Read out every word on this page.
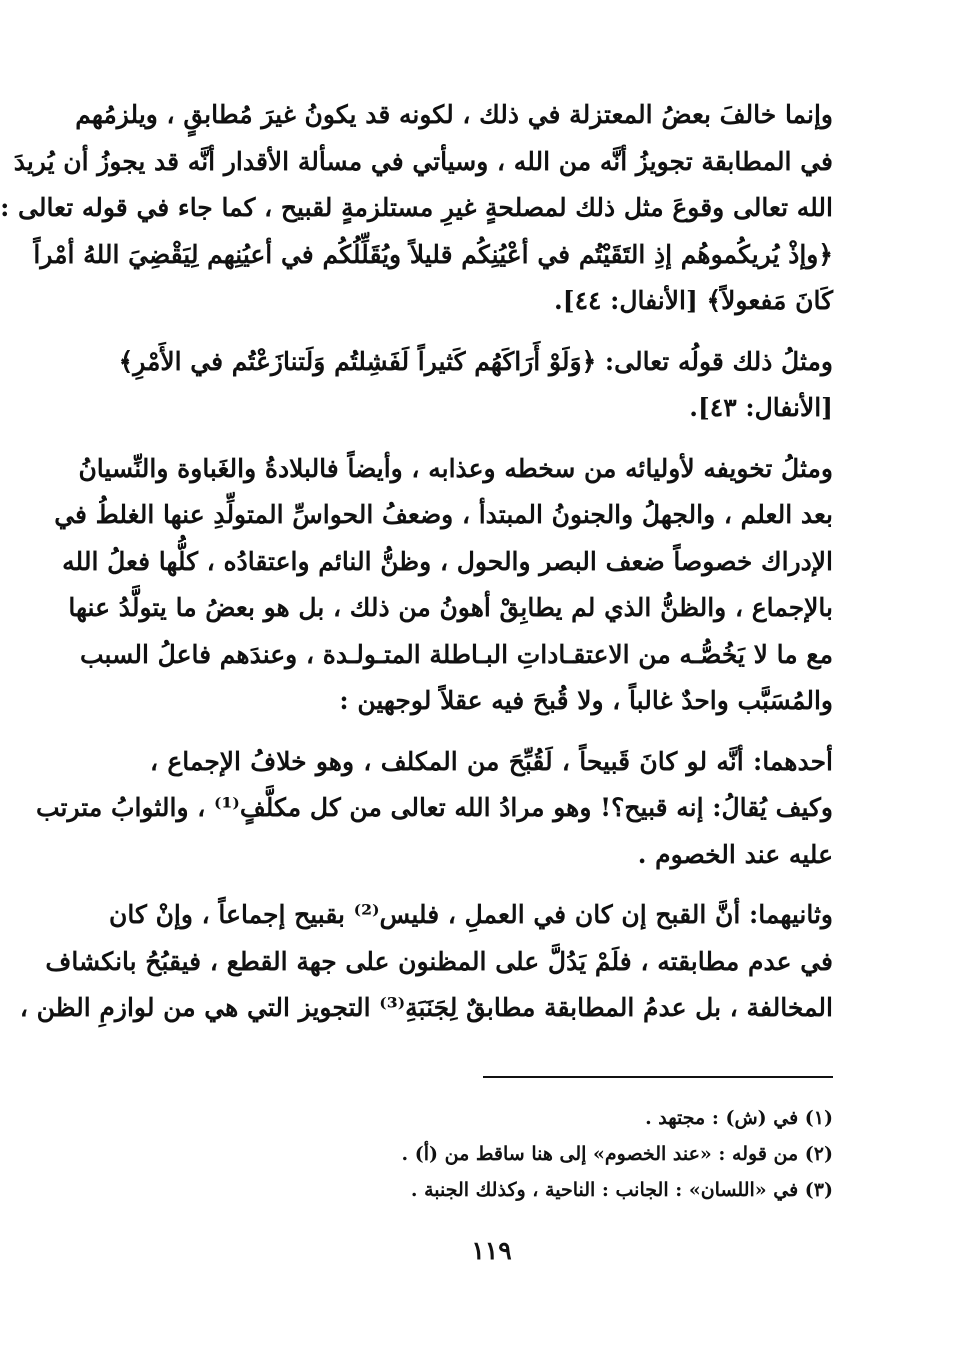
وإنما خالفَ بعضُ المعتزلة في ذلك ، لكونه قد يكونُ غيرَ مُطابقٍ ، ويلزمُهم
في المطابقة تجويزُ أنَّه من الله ، وسيأتي في مسألة الأقدار أنَّه قد يجوزُ أن يُريدَ
الله تعالى وقوعَ مثل ذلك لمصلحةٍ غيرِ مستلزمةٍ لقبيح ، كما جاء في قوله تعالى :
﴿وإذْ يُريكُموهُم إذِ التَقَيْتُم في أعْيُنِكُم قليلاً ويُقَلِّلُكُم في أعيُنِهم لِيَقْضِيَ اللهُ أمْراً
كَانَ مَفعولاً﴾ [الأنفال: ٤٤].

ومثلُ ذلك قولُه تعالى: ﴿وَلَوْ أَرَاكَهُم كَثيراً لَفَشِلتُم وَلَتنازَعْتُم في الأَمْرِ﴾
[الأنفال: ٤٣].

ومثلُ تخويفه لأوليائه من سخطه وعذابه ، وأيضاً فالبلادةُ والغَباوة والنِّسيانُ
بعد العلم ، والجهلُ والجنونُ المبتدأ ، وضعفُ الحواسِّ المتولِّدِ عنها الغلطُ في
الإدراك خصوصاً ضعف البصر والحول ، وظنُّ النائم واعتقادُه ، كلُّها فعلُ الله
بالإجماع ، والظنُّ الذي لم يطابِقْ أهونُ من ذلك ، بل هو بعضُ ما يتولَّدُ عنها
مع ما لا يَخُصُّـه من الاعتقـاداتِ البـاطلة المتـولـدة ، وعندَهم فاعلُ السبب
والمُسَبَّب واحدٌ غالباً ، ولا قُبحَ فيه عقلاً لوجهين :

أحدهما: أنَّه لو كانَ قَبيحاً ، لَقُبِّحَ من المكلف ، وهو خلافُ الإجماع ،
وكيف يُقالُ: إنه قبيح؟! وهو مرادُ الله تعالى من كل مكلَّفٍ⁽¹⁾ ، والثوابُ مترتب
عليه عند الخصوم .

وثانيهما: أنَّ القبح إن كان في العملِ ، فليس⁽²⁾ بقبيح إجماعاً ، وإنْ كان
في عدم مطابقته ، فلَمْ يَدُلَّ على المظنون على جهة القطع ، فيقبُحُ بانكشاف
المخالفة ، بل عدمُ المطابقة مطابقٌ لِجَنَبَةِ⁽³⁾ التجويز التي هي من لوازمِ الظن ،

(١) في (ش) : مجتهد .
(٢) من قوله : «عند الخصوم» إلى هنا ساقط من (أ) .
(٣) في «اللسان» : الجانب : الناحية ، وكذلك الجنبة .
١١٩
